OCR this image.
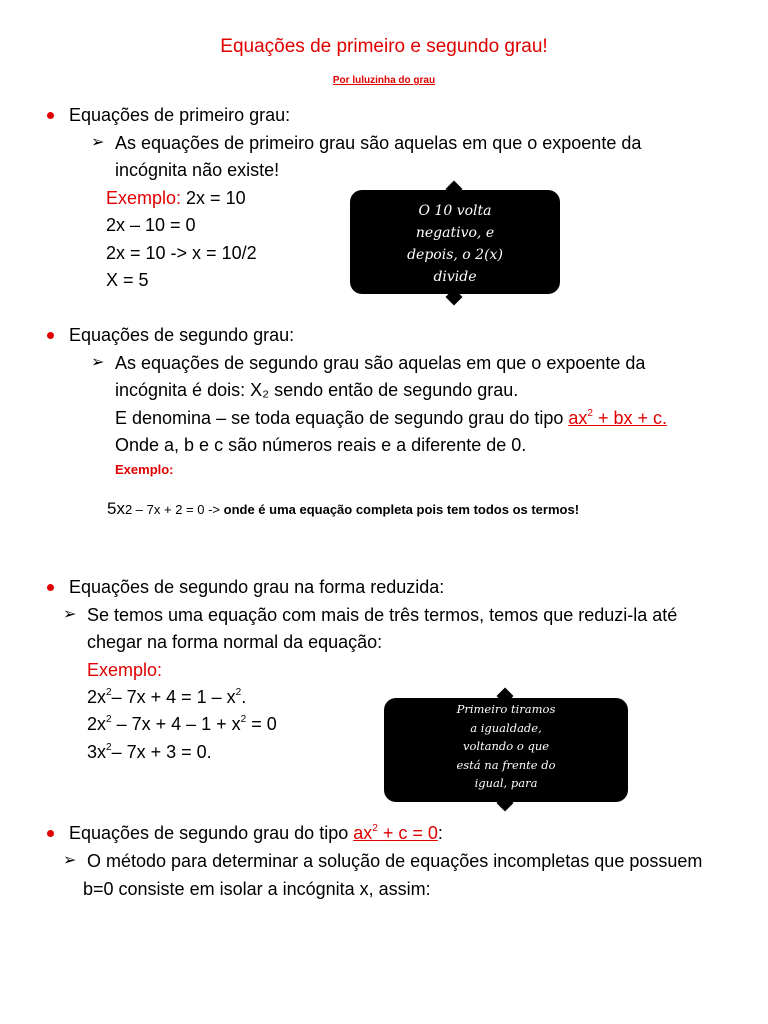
Equações de primeiro e segundo grau!
Por luluzinha do grau
Equações de primeiro grau:
➢ As equações de primeiro grau são aquelas em que o expoente da
incógnita não existe!
Exemplo: 2x = 10
2x – 10 = 0
2x = 10 -> x = 10/2
X = 5
O 10 volta negativo, e depois, o 2(x) divide
Equações de segundo grau:
➢ As equações de segundo grau são aquelas em que o expoente da
incógnita é dois: X₂ sendo então de segundo grau.
E denomina – se toda equação de segundo grau do tipo $ax^2$ + bx + c.
Onde a, b e c são números reais e a diferente de 0.
Exemplo:
5x2 – 7x + 2 = 0 -> onde é uma equação completa pois tem todos os termos!
Equações de segundo grau na forma reduzida:
➢ Se temos uma equação com mais de três termos, temos que reduzi-la até
chegar na forma normal da equação:
Exemplo:
$2x^2-$ $7x + 4 = 1 - x^2$.
$2x^2 - 7x + 4 - 1 + x^2 = 0$
$3x^2-$ 7x + 3 = 0.
Primeiro tiramos a igualdade, voltando o que está na frente do igual, para
Equações de segundo grau do tipo $ax^2 + c = 0$:
➢ O método para determinar a solução de equações incompletas que possuem
b=0 consiste em isolar a incógnita x, assim:
